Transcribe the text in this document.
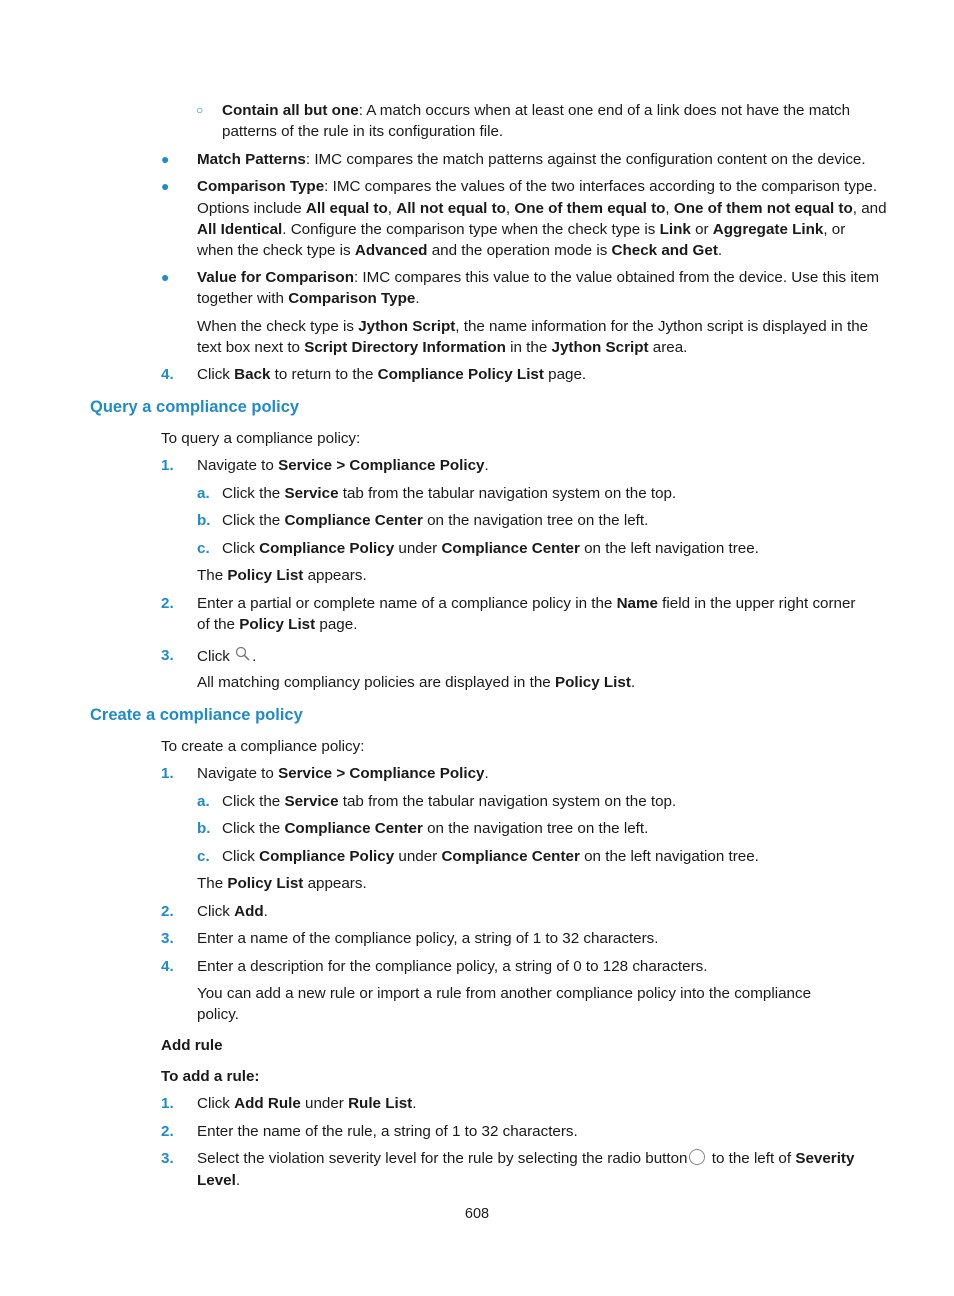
○ Contain all but one: A match occurs when at least one end of a link does not have the match
patterns of the rule in its configuration file.
● Match Patterns: IMC compares the match patterns against the configuration content on the device.
● Comparison Type: IMC compares the values of the two interfaces according to the comparison type.
Options include All equal to, All not equal to, One of them equal to, One of them not equal to, and
All Identical. Configure the comparison type when the check type is Link or Aggregate Link, or
when the check type is Advanced and the operation mode is Check and Get.
● Value for Comparison: IMC compares this value to the value obtained from the device. Use this item
together with Comparison Type.
When the check type is Jython Script, the name information for the Jython script is displayed in the
text box next to Script Directory Information in the Jython Script area.
4. Click Back to return to the Compliance Policy List page.
Query a compliance policy
To query a compliance policy:
1. Navigate to Service > Compliance Policy.
a. Click the Service tab from the tabular navigation system on the top.
b. Click the Compliance Center on the navigation tree on the left.
c. Click Compliance Policy under Compliance Center on the left navigation tree.
The Policy List appears.
2. Enter a partial or complete name of a compliance policy in the Name field in the upper right corner
of the Policy List page.
3. Click .
All matching compliancy policies are displayed in the Policy List.
Create a compliance policy
To create a compliance policy:
1. Navigate to Service > Compliance Policy.
a. Click the Service tab from the tabular navigation system on the top.
b. Click the Compliance Center on the navigation tree on the left.
c. Click Compliance Policy under Compliance Center on the left navigation tree.
The Policy List appears.
2. Click Add.
3. Enter a name of the compliance policy, a string of 1 to 32 characters.
4. Enter a description for the compliance policy, a string of 0 to 128 characters.
You can add a new rule or import a rule from another compliance policy into the compliance
policy.
Add rule
To add a rule:
1. Click Add Rule under Rule List.
2. Enter the name of the rule, a string of 1 to 32 characters.
3. Select the violation severity level for the rule by selecting the radio button to the left of Severity
Level.
608
